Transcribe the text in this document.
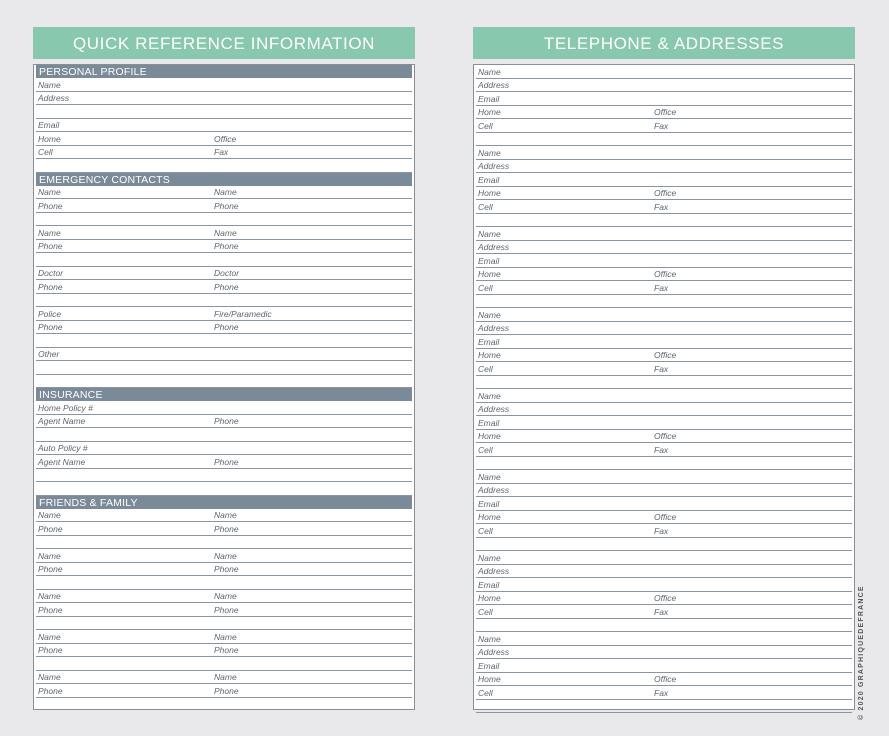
QUICK REFERENCE INFORMATION
PERSONAL PROFILE
Name
Address
Email
Home	Office
Cell	Fax
EMERGENCY CONTACTS
Name	Name
Phone	Phone
Name	Name
Phone	Phone
Doctor	Doctor
Phone	Phone
Police	Fire/Paramedic
Phone	Phone
Other
INSURANCE
Home Policy #
Agent Name	Phone
Auto Policy #
Agent Name	Phone
FRIENDS & FAMILY
Name	Name
Phone	Phone
Name	Name
Phone	Phone
Name	Name
Phone	Phone
Name	Name
Phone	Phone
Name	Name
Phone	Phone
TELEPHONE & ADDRESSES
Name
Address
Email
Home	Office
Cell	Fax
Name
Address
Email
Home	Office
Cell	Fax
Name
Address
Email
Home	Office
Cell	Fax
Name
Address
Email
Home	Office
Cell	Fax
Name
Address
Email
Home	Office
Cell	Fax
Name
Address
Email
Home	Office
Cell	Fax
Name
Address
Email
Home	Office
Cell	Fax
Name
Address
Email
Home	Office
Cell	Fax	© 2020 GRAPHIQUEDEFRANCE
